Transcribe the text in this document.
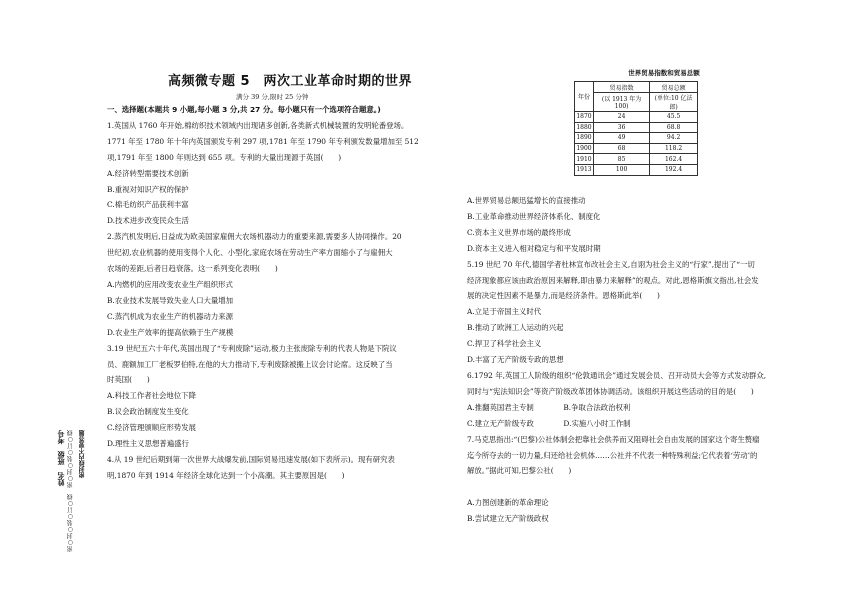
高频微专题 5　两次工业革命时期的世界
满分 39 分,限时 25 分钟

一、选择题(本题共 9 小题,每小题 3 分,共 27 分。每小题只有一个选项符合题意。)

1.英国从 1760 年开始,棉纺织技术领域内出现诸多创新,各类新式机械装置的发明轮番登场。

1771 年至 1780 年十年内英国颁发专利 297 项,1781 年至 1790 年专利颁发数量增加至 512

项,1791 年至 1800 年则达到 655 项。专利的大量出现源于英国(　　)

A.经济转型需要技术创新

B.重视对知识产权的保护

C.棉毛纺织产品获利丰富

D.技术进步改变民众生活

2.蒸汽机发明后,日益成为欧美国家雇佣大农场机器动力的重要来源,需要多人协同操作。20

世纪初,农业机器的使用变得个人化、小型化,家庭农场在劳动生产率方面缩小了与雇佣大

农场的差距,后者日趋衰落。这一系列变化表明(　　)

A.内燃机的应用改变农业生产组织形式

B.农业技术发展导致失业人口大量增加

C.蒸汽机成为农业生产的机器动力来源

D.农业生产效率的提高依赖于生产规模

3.19 世纪五六十年代,英国出现了“专利废除”运动,极力主张废除专利的代表人物是下院议

员、鹿额加工厂老板罗伯特,在他的大力推动下,专利废除被搬上议会讨论席。这反映了当

时英国(　　)

A.科技工作者社会地位下降

B.议会政治制度发生变化

C.经济管理颁顺应形势发展

D.理性主义思想普遍盛行

4.从 19 世纪后期到第一次世界大战爆发前,国际贸易迅速发展(如下表所示)。现有研究表

明,1870 年到 1914 年经济全球化达到一个小高潮。其主要原因是(　　)

世界贸易指数和贸易总额
年份	贸易指数	贸易总额
	(以 1913 年为 100)	(单位:10 亿法郎)
1870	24	45.5
1880	36	68.8
1890	49	94.2
1900	68	118.2
1910	85	162.4
1913	100	192.4

A.世界贸易总额迅猛增长的直接推动

B.工业革命推动世界经济体系化、制度化

C.资本主义世界市场的最终形成

D.资本主义进入相对稳定与和平发展时期

5.19 世纪 70 年代,德国学者杜林宣布改社会主义,自诩为社会主义的“行家”,提出了“一切

经济现象都应该由政治原因来解释,即由暴力来解释”的观点。对此,恩格斯旗文指出,社会发

展的决定性因素不是暴力,而是经济条件。恩格斯此举(　　)

A.立足于帝国主义时代

B.推动了欧洲工人运动的兴起

C.捍卫了科学社会主义

D.丰富了无产阶级专政的思想

6.1792 年,英国工人阶级的组织“伦敦通讯会”通过发展会员、召开动员大会等方式发动群众,

同时与“宪法知识会”等资产阶级改革团体协调活动。该组织开展这些活动的目的是(　　)

A.推翻英国君主专制　　　　B.争取合法政治权利

C.建立无产阶级专政　　　　D.实施八小时工作制

7.马克思指出:“(巴黎)公社体制会把靠社会供养而又阻碍社会自由发展的国家这个寄生赘瘤

迄今所夺去的一切力量,归还给社会机体……公社并不代表一种特殊利益;它代表着‘劳动’的

解放。”据此可知,巴黎公社(　　)

A.力图创建新的革命理论

B.尝试建立无产阶级政权

姓名　班级　考号 密○封○装○订○线　密○封○装○订○线 密封线内不要答题
